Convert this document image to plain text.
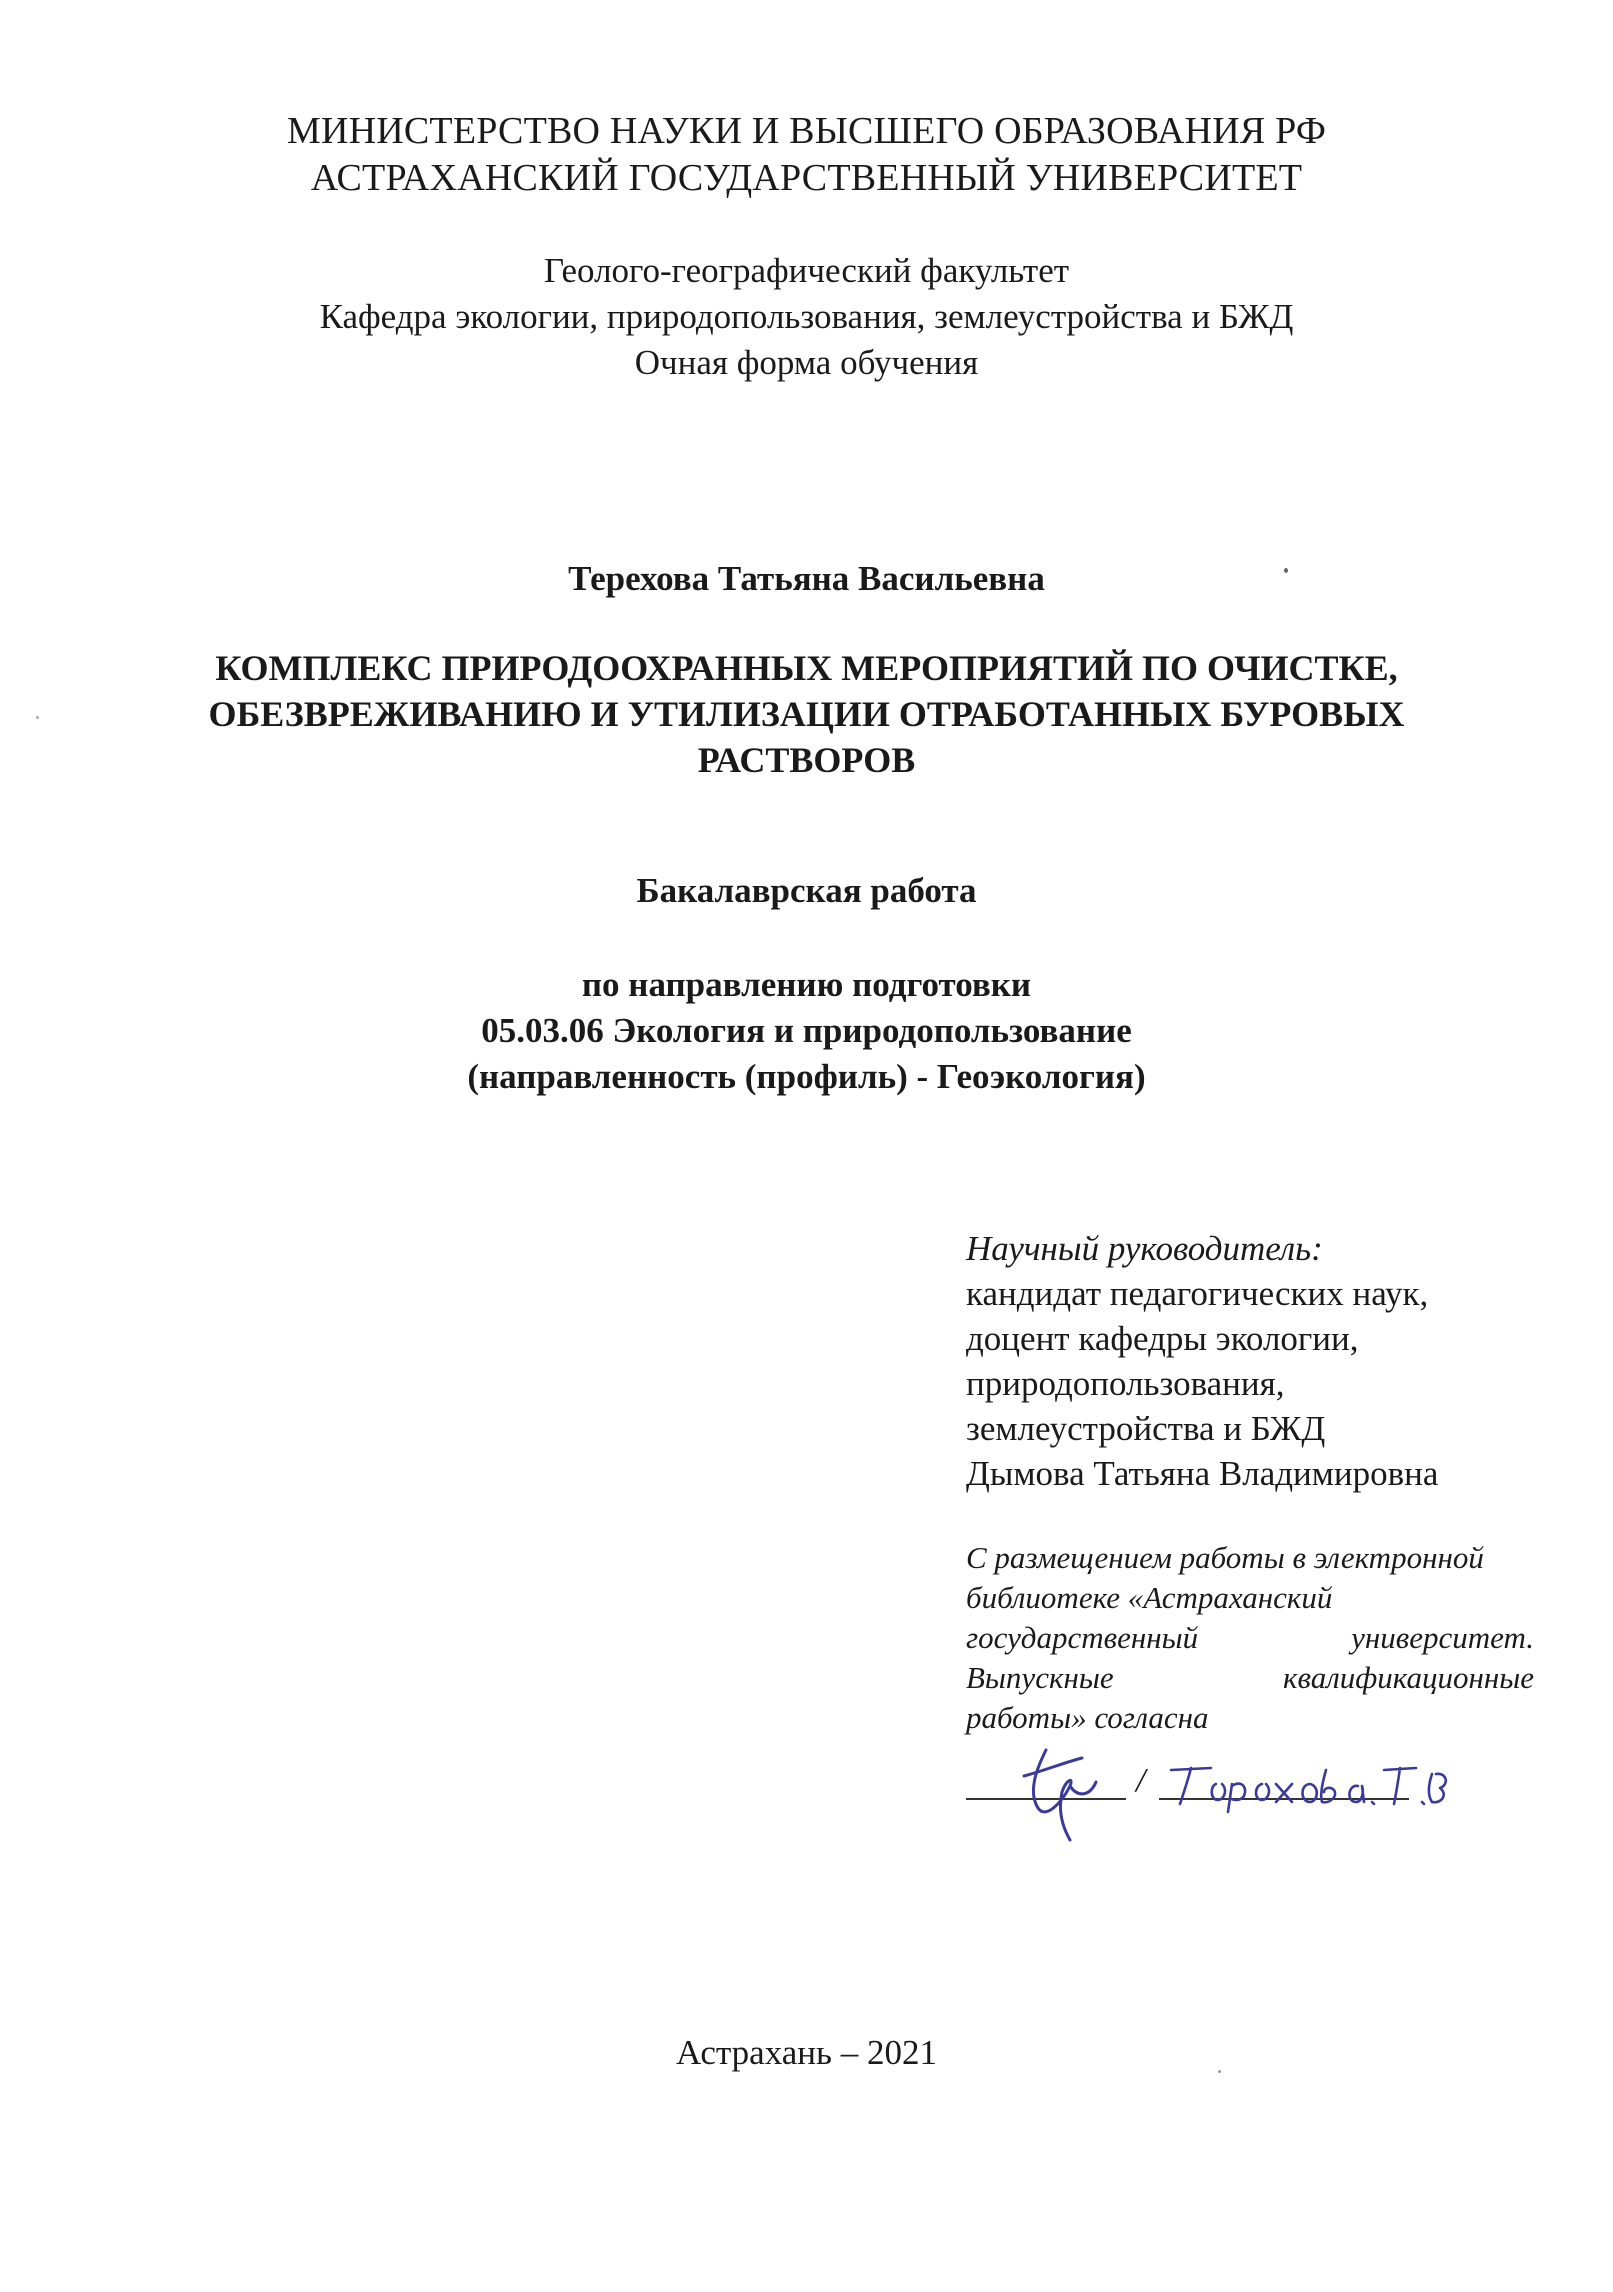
МИНИСТЕРСТВО НАУКИ И ВЫСШЕГО ОБРАЗОВАНИЯ РФ
АСТРАХАНСКИЙ ГОСУДАРСТВЕННЫЙ УНИВЕРСИТЕТ
Геолого-географический факультет
Кафедра экологии, природопользования, землеустройства и БЖД
Очная форма обучения
Терехова Татьяна Васильевна
КОМПЛЕКС ПРИРОДООХРАННЫХ МЕРОПРИЯТИЙ ПО ОЧИСТКЕ,
ОБЕЗВРЕЖИВАНИЮ И УТИЛИЗАЦИИ ОТРАБОТАННЫХ БУРОВЫХ
РАСТВОРОВ
Бакалаврская работа
по направлению подготовки
05.03.06 Экология и природопользование
(направленность (профиль) - Геоэкология)
Научный руководитель:
кандидат педагогических наук,
доцент кафедры экологии,
природопользования,
землеустройства и БЖД
Дымова Татьяна Владимировна
С размещением работы в электронной
библиотеке «Астраханский
государственный	университет.
Выпускные	квалификационные
работы» согласна
/
Астрахань – 2021
